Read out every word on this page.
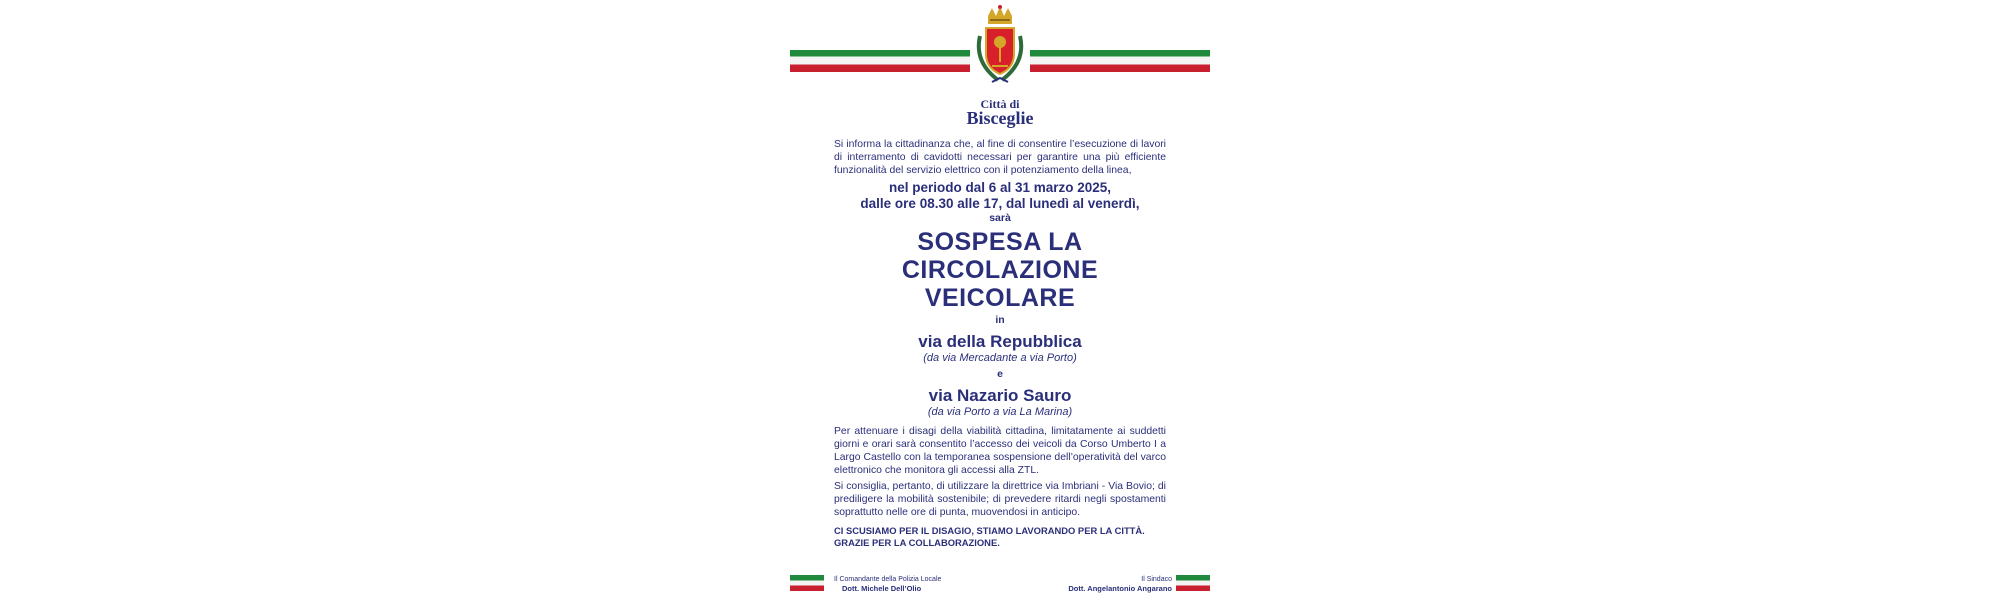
Città di
Bisceglie

Si informa la cittadinanza che, al fine di consentire l’esecuzione di lavori di interramento di cavidotti necessari per garantire una più efficiente funzionalità del servizio elettrico con il potenziamento della linea,

nel periodo dal 6 al 31 marzo 2025,

dalle ore 08.30 alle 17, dal lunedì al venerdì,

sarà

SOSPESA LA
CIRCOLAZIONE
VEICOLARE

in

via della Repubblica

(da via Mercadante a via Porto)

e

via Nazario Sauro

(da via Porto a via La Marina)

Per attenuare i disagi della viabilità cittadina, limitatamente ai suddetti giorni e orari sarà consentito l’accesso dei veicoli da Corso Umberto I a Largo Castello con la temporanea sospensione dell’operatività del varco elettronico che monitora gli accessi alla ZTL.

Si consiglia, pertanto, di utilizzare la direttrice via Imbriani - Via Bovio; di prediligere la mobilità sostenibile; di prevedere ritardi negli spostamenti soprattutto nelle ore di punta, muovendosi in anticipo.

CI SCUSIAMO PER IL DISAGIO, STIAMO LAVORANDO PER LA CITTÀ.

GRAZIE PER LA COLLABORAZIONE.

Il Comandante della Polizia Locale
Dott. Michele Dell’Olio
Il Sindaco
Dott. Angelantonio Angarano
